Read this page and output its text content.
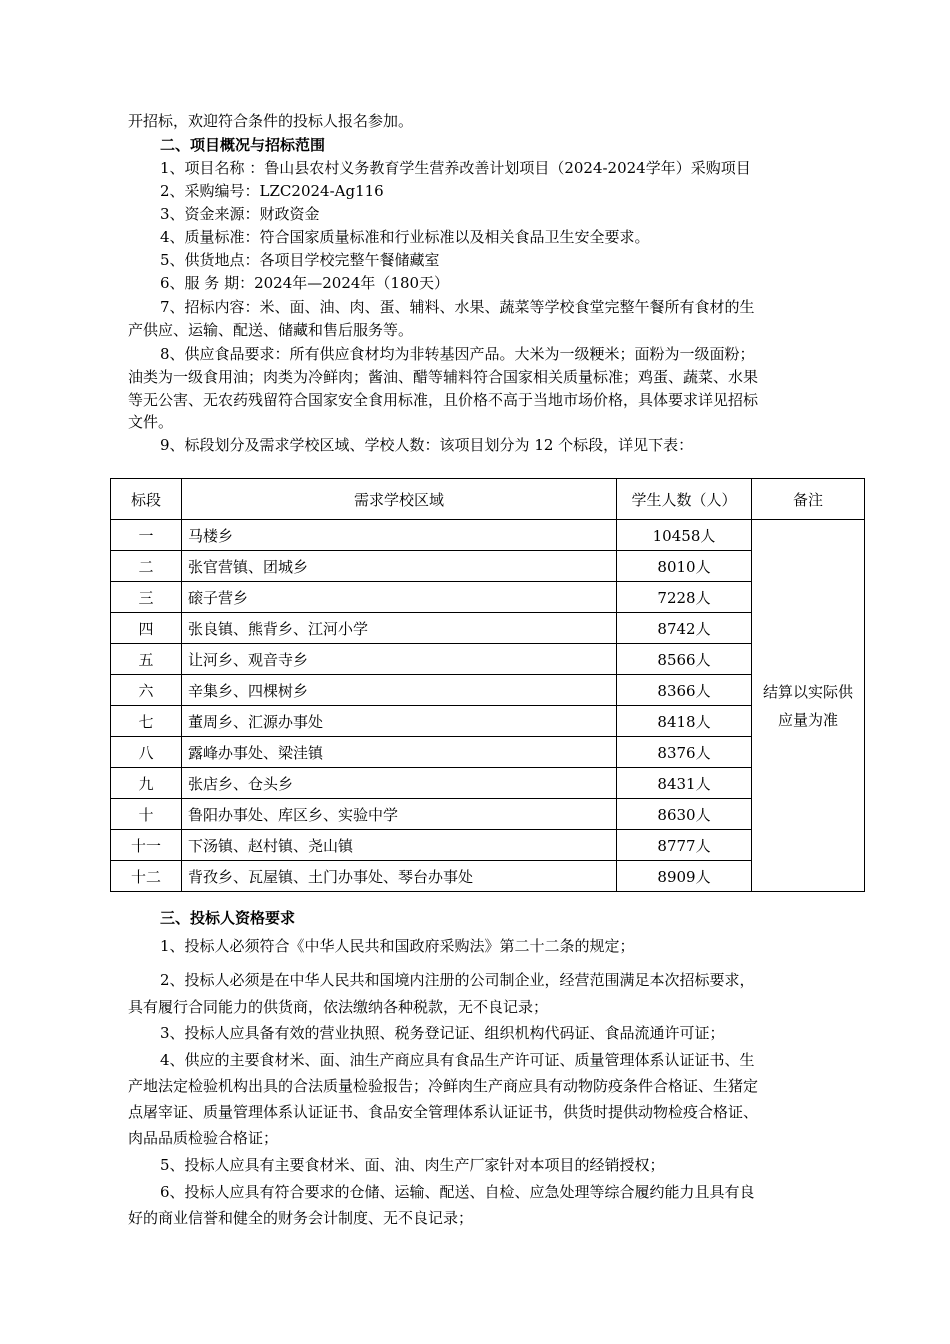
开招标，欢迎符合条件的投标人报名参加。
二、项目概况与招标范围
1、项目名称 ：鲁山县农村义务教育学生营养改善计划项目（2024-2024学年）采购项目
2、采购编号：LZC2024-Ag116
3、资金来源：财政资金
4、质量标准：符合国家质量标准和行业标准以及相关食品卫生安全要求。
5、供货地点：各项目学校完整午餐储藏室
6、服 务 期：2024年—2024年（180天）
7、招标内容：米、面、油、肉、蛋、辅料、水果、蔬菜等学校食堂完整午餐所有食材的生
产供应、运输、配送、储藏和售后服务等。
8、供应食品要求：所有供应食材均为非转基因产品。大米为一级粳米；面粉为一级面粉；
油类为一级食用油；肉类为冷鲜肉；酱油、醋等辅料符合国家相关质量标准；鸡蛋、蔬菜、水果
等无公害、无农药残留符合国家安全食用标准，且价格不高于当地市场价格，具体要求详见招标
文件。
9、标段划分及需求学校区域、学校人数：该项目划分为 12 个标段，详见下表：
标段	需求学校区域	学生人数（人）	备注
一	马楼乡	10458人	结算以实际供应量为准
二	张官营镇、团城乡	8010人	
三	磙子营乡	7228人	
四	张良镇、熊背乡、江河小学	8742人	
五	让河乡、观音寺乡	8566人	
六	辛集乡、四棵树乡	8366人	
七	董周乡、汇源办事处	8418人	
八	露峰办事处、梁洼镇	8376人	
九	张店乡、仓头乡	8431人	
十	鲁阳办事处、库区乡、实验中学	8630人	
十一	下汤镇、赵村镇、尧山镇	8777人	
十二	背孜乡、瓦屋镇、土门办事处、琴台办事处	8909人	
三、投标人资格要求
1、投标人必须符合《中华人民共和国政府采购法》第二十二条的规定；
2、投标人必须是在中华人民共和国境内注册的公司制企业，经营范围满足本次招标要求，
具有履行合同能力的供货商，依法缴纳各种税款，无不良记录；
3、投标人应具备有效的营业执照、税务登记证、组织机构代码证、食品流通许可证；
4、供应的主要食材米、面、油生产商应具有食品生产许可证、质量管理体系认证证书、生
产地法定检验机构出具的合法质量检验报告；冷鲜肉生产商应具有动物防疫条件合格证、生猪定
点屠宰证、质量管理体系认证证书、食品安全管理体系认证证书，供货时提供动物检疫合格证、
肉品品质检验合格证；
5、投标人应具有主要食材米、面、油、肉生产厂家针对本项目的经销授权；
6、投标人应具有符合要求的仓储、运输、配送、自检、应急处理等综合履约能力且具有良
好的商业信誉和健全的财务会计制度、无不良记录；
